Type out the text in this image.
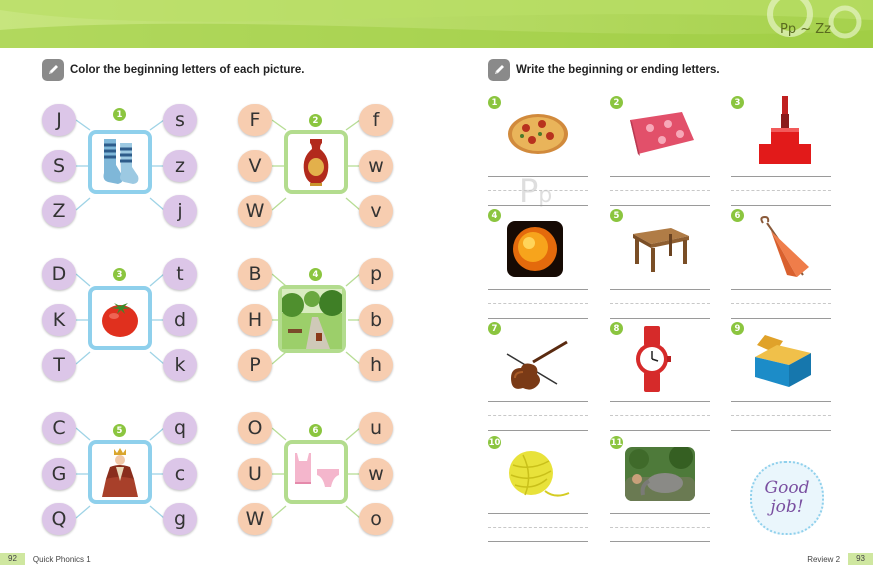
Pp ~ Zz
Color the beginning letters of each picture.	Write the beginning or ending letters.
1
J
S
Z
s
z
j
2
F
V
W
f
w
v
3
D
K
T
t
d
k
4
B
H
P
p
b
h
5
C
G
Q
q
c
g
6
O
U
W
u
w
o
Pp
1	2	3
4	5	6
7	8	9
10	11
Good
job!
92	Quick Phonics 1	Review 2	93
